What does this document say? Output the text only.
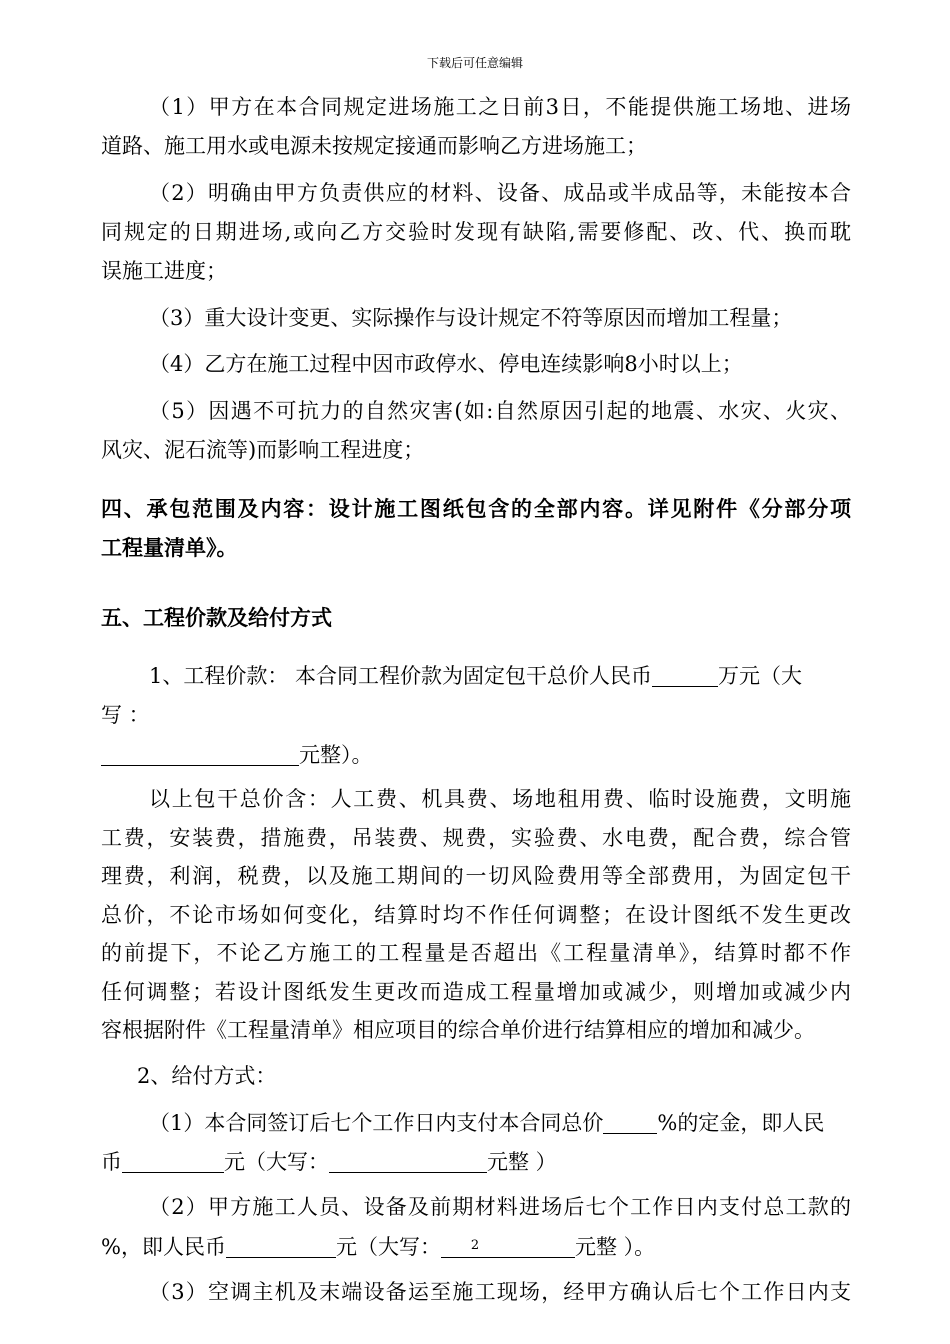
下载后可任意编辑
（1）甲方在本合同规定进场施工之日前3日，不能提供施工场地、进场
道路、施工用水或电源未按规定接通而影响乙方进场施工；
（2）明确由甲方负责供应的材料、设备、成品或半成品等，未能按本合
同规定的日期进场,或向乙方交验时发现有缺陷,需要修配、改、代、换而耽
误施工进度；
（3）重大设计变更、实际操作与设计规定不符等原因而增加工程量；
（4）乙方在施工过程中因市政停水、停电连续影响8小时以上；
（5）因遇不可抗力的自然灾害(如:自然原因引起的地震、水灾、火灾、
风灾、泥石流等)而影响工程进度；
四、承包范围及内容：设计施工图纸包含的全部内容。详见附件《分部分项
工程量清单》。
五、工程价款及给付方式
1、工程价款： 本合同工程价款为固定包干总价人民币	万元（大
写 ：
元整）。
以上包干总价含：人工费、机具费、场地租用费、临时设施费，文明施
工费，安装费，措施费，吊装费、规费，实验费、水电费，配合费，综合管
理费，利润，税费，以及施工期间的一切风险费用等全部费用，为固定包干
总价，不论市场如何变化，结算时均不作任何调整；在设计图纸不发生更改
的前提下，不论乙方施工的工程量是否超出《工程量清单》，结算时都不作
任何调整；若设计图纸发生更改而造成工程量增加或减少，则增加或减少内
容根据附件《工程量清单》相应项目的综合单价进行结算相应的增加和减少。
2、给付方式：
（1）本合同签订后七个工作日内支付本合同总价	%的定金，即人民
币	元（大写：	元整 ）
（2）甲方施工人员、设备及前期材料进场后七个工作日内支付总工款的
%，即人民币	元（大写：	元整 ）。
（3）空调主机及末端设备运至施工现场，经甲方确认后七个工作日内支
2
